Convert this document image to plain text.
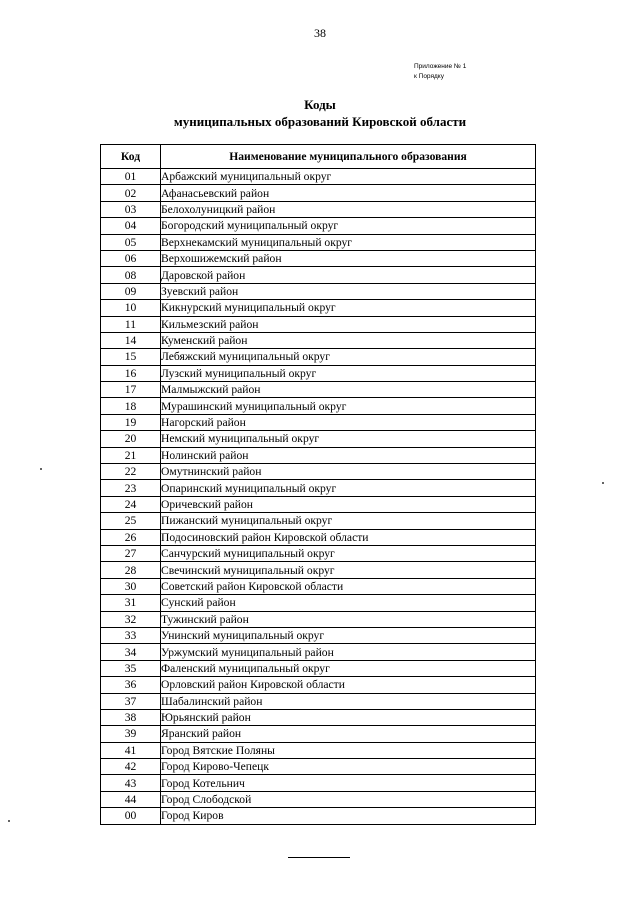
38
Приложение № 1
к Порядку
Коды
муниципальных образований Кировской области
Код	Наименование муниципального образования
01	Арбажский муниципальный округ
02	Афанасьевский район
03	Белохолуницкий район
04	Богородский муниципальный округ
05	Верхнекамский муниципальный округ
06	Верхошижемский район
08	Даровской район
09	Зуевский район
10	Кикнурский муниципальный округ
11	Кильмезский район
14	Куменский район
15	Лебяжский муниципальный округ
16	Лузский муниципальный округ
17	Малмыжский район
18	Мурашинский муниципальный округ
19	Нагорский район
20	Немский муниципальный округ
21	Нолинский район
22	Омутнинский район
23	Опаринский муниципальный округ
24	Оричевский район
25	Пижанский муниципальный округ
26	Подосиновский район Кировской области
27	Санчурский муниципальный округ
28	Свечинский муниципальный округ
30	Советский район Кировской области
31	Сунский район
32	Тужинский район
33	Унинский муниципальный округ
34	Уржумский муниципальный район
35	Фаленский муниципальный округ
36	Орловский район Кировской области
37	Шабалинский район
38	Юрьянский район
39	Яранский район
41	Город Вятские Поляны
42	Город Кирово-Чепецк
43	Город Котельнич
44	Город Слободской
00	Город Киров
